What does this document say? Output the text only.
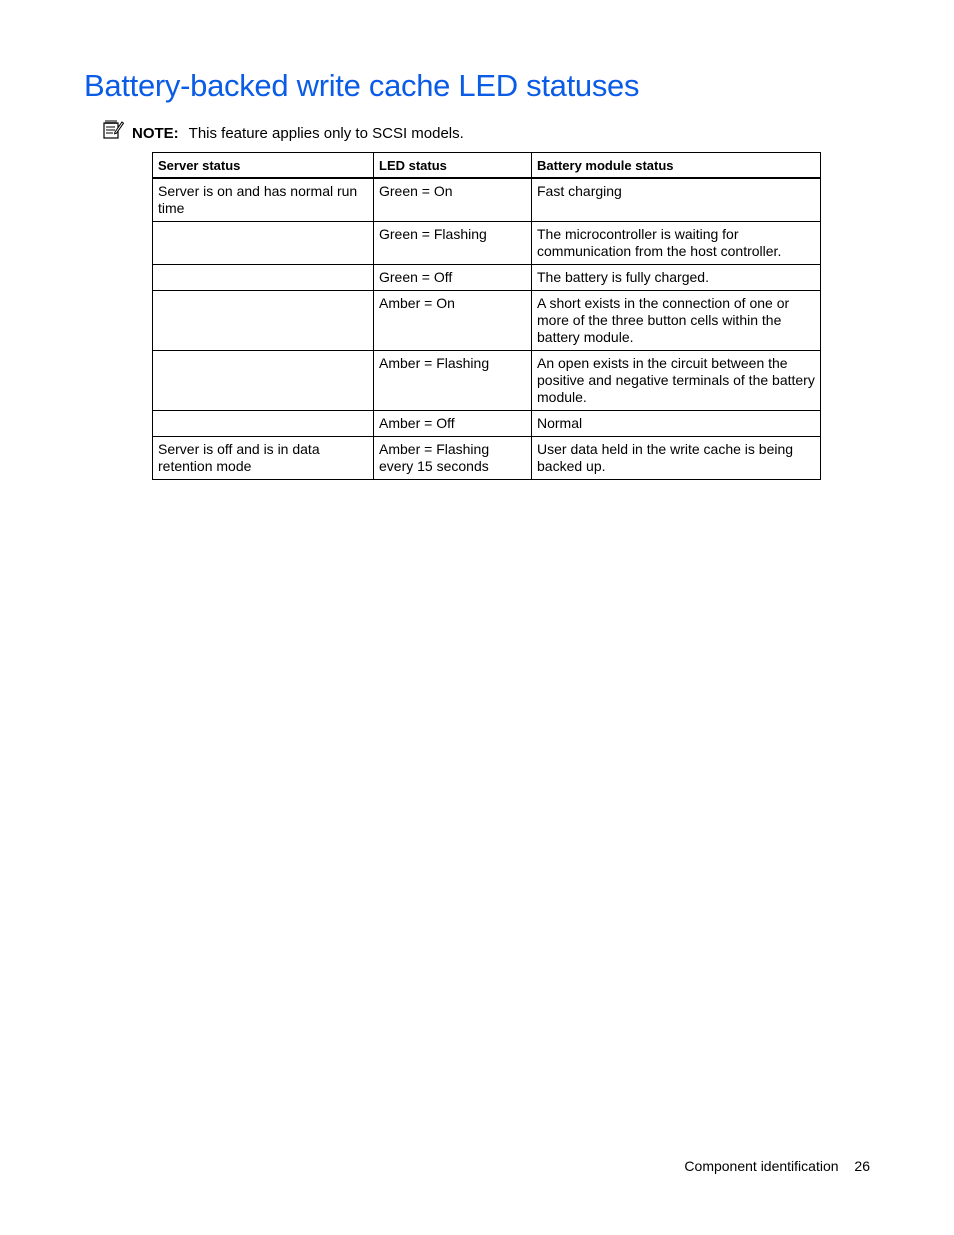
Battery-backed write cache LED statuses
NOTE: This feature applies only to SCSI models.
Server status	LED status	Battery module status
Server is on and has normal run time	Green = On	Fast charging
	Green = Flashing	The microcontroller is waiting for communication from the host controller.
	Green = Off	The battery is fully charged.
	Amber = On	A short exists in the connection of one or more of the three button cells within the battery module.
	Amber = Flashing	An open exists in the circuit between the positive and negative terminals of the battery module.
	Amber = Off	Normal
Server is off and is in data retention mode	Amber = Flashing every 15 seconds	User data held in the write cache is being backed up.
Component identification 26
